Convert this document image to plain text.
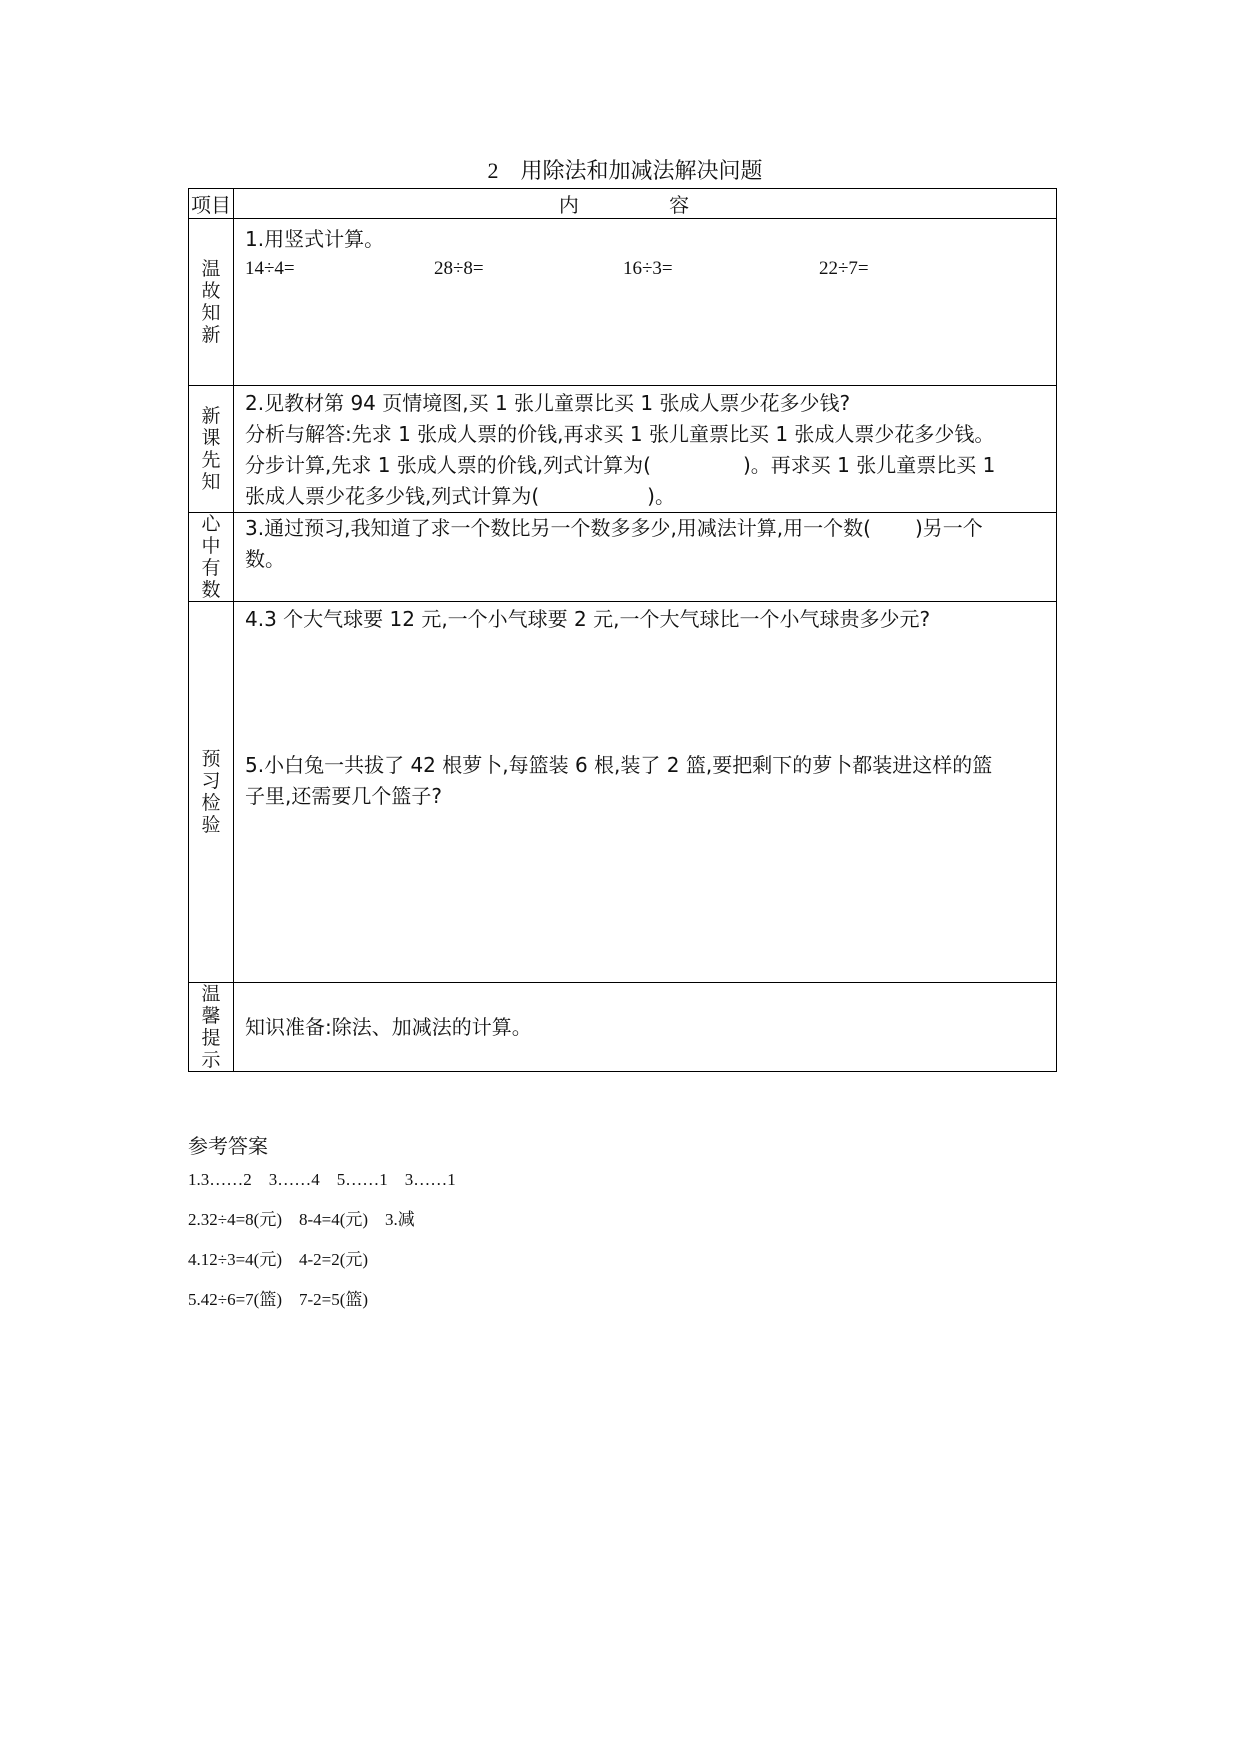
2 用除法和加减法解决问题
项目	内 容
温故知新	1.用竖式计算。
14÷4= 28÷8= 16÷3= 22÷7=

新课先知	2.见教材第 94 页情境图,买 1 张儿童票比买 1 张成人票少花多少钱?
分析与解答:先求 1 张成人票的价钱,再求买 1 张儿童票比买 1 张成人票少花多少钱。
分步计算,先求 1 张成人票的价钱,列式计算为( )。再求买 1 张儿童票比买 1
张成人票少花多少钱,列式计算为( )。

心中有数	3.通过预习,我知道了求一个数比另一个数多多少,用减法计算,用一个数( )另一个
数。

预习检验	4.3 个大气球要 12 元,一个小气球要 2 元,一个大气球比一个小气球贵多少元?
5.小白兔一共拔了 42 根萝卜,每篮装 6 根,装了 2 篮,要把剩下的萝卜都装进这样的篮
子里,还需要几个篮子?

温馨提示	知识准备:除法、加减法的计算。
参考答案
1.3……2    3……4    5……1    3……1
2.32÷4=8(元)    8-4=4(元)    3.减
4.12÷3=4(元)    4-2=2(元)
5.42÷6=7(篮)    7-2=5(篮)
